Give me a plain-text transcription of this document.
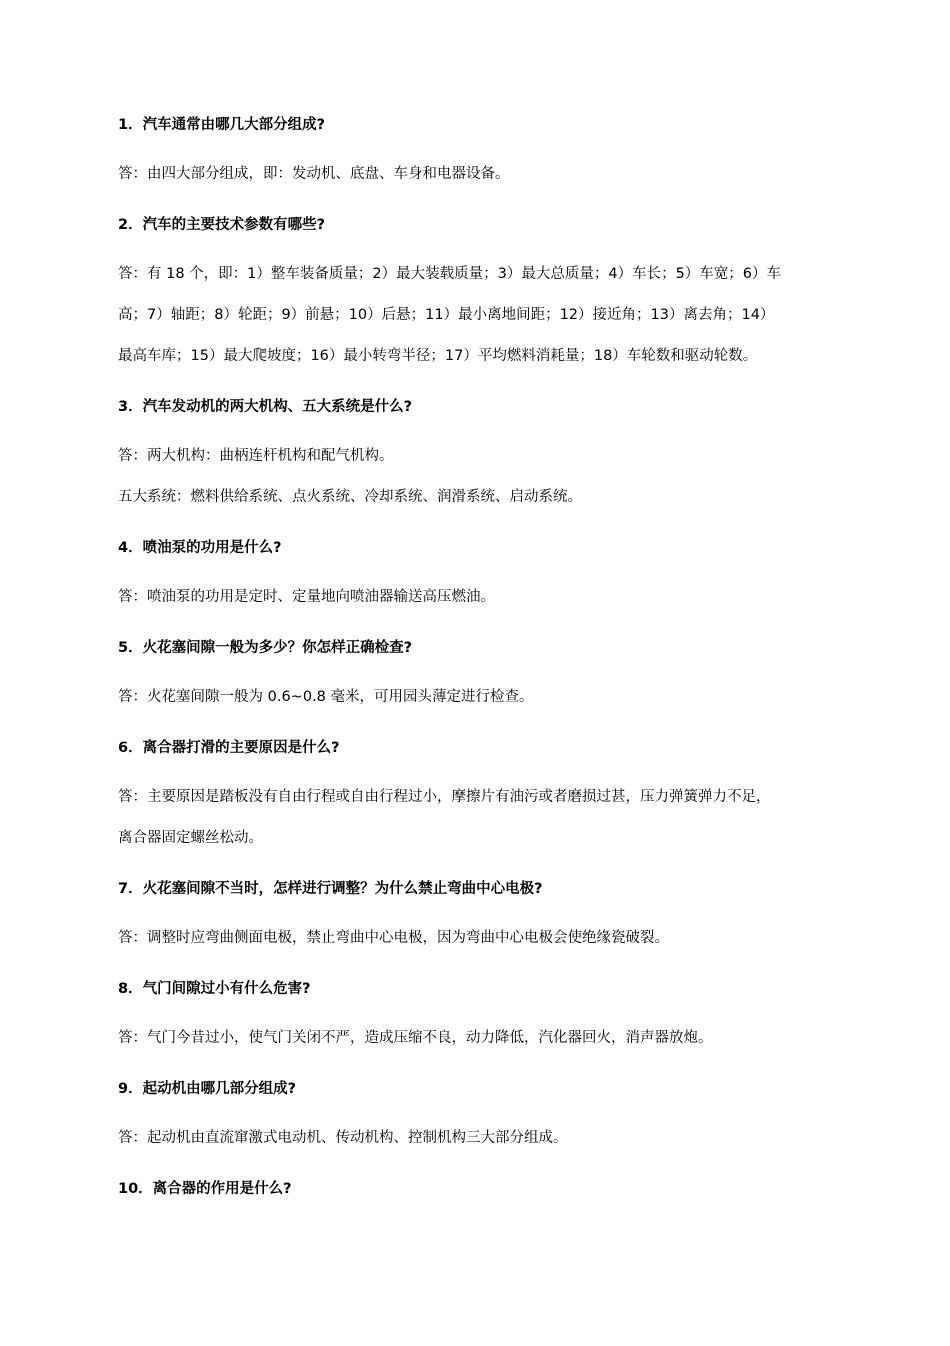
1．汽车通常由哪几大部分组成?

答：由四大部分组成，即：发动机、底盘、车身和电器设备。

2．汽车的主要技术参数有哪些?

答：有 18 个，即：1）整车装备质量；2）最大装载质量；3）最大总质量；4）车长；5）车宽；6）车
高；7）轴距；8）轮距；9）前悬；10）后悬；11）最小离地间距；12）接近角；13）离去角；14）
最高车库；15）最大爬坡度；16）最小转弯半径；17）平均燃料消耗量；18）车轮数和驱动轮数。

3．汽车发动机的两大机构、五大系统是什么?

答：两大机构：曲柄连杆机构和配气机构。
五大系统：燃料供给系统、点火系统、冷却系统、润滑系统、启动系统。

4．喷油泵的功用是什么?

答：喷油泵的功用是定时、定量地向喷油器输送高压燃油。

5．火花塞间隙一般为多少？你怎样正确检查?

答：火花塞间隙一般为 0.6~0.8 毫米，可用园头薄定进行检查。

6．离合器打滑的主要原因是什么?

答：主要原因是踏板没有自由行程或自由行程过小，摩擦片有油污或者磨损过甚，压力弹簧弹力不足，
离合器固定螺丝松动。

7．火花塞间隙不当时，怎样进行调整？为什么禁止弯曲中心电极?

答：调整时应弯曲侧面电极，禁止弯曲中心电极，因为弯曲中心电极会使绝缘瓷破裂。

8．气门间隙过小有什么危害?

答：气门今昔过小，使气门关闭不严，造成压缩不良，动力降低，汽化器回火，消声器放炮。

9．起动机由哪几部分组成?

答：起动机由直流窜激式电动机、传动机构、控制机构三大部分组成。

10．离合器的作用是什么?
